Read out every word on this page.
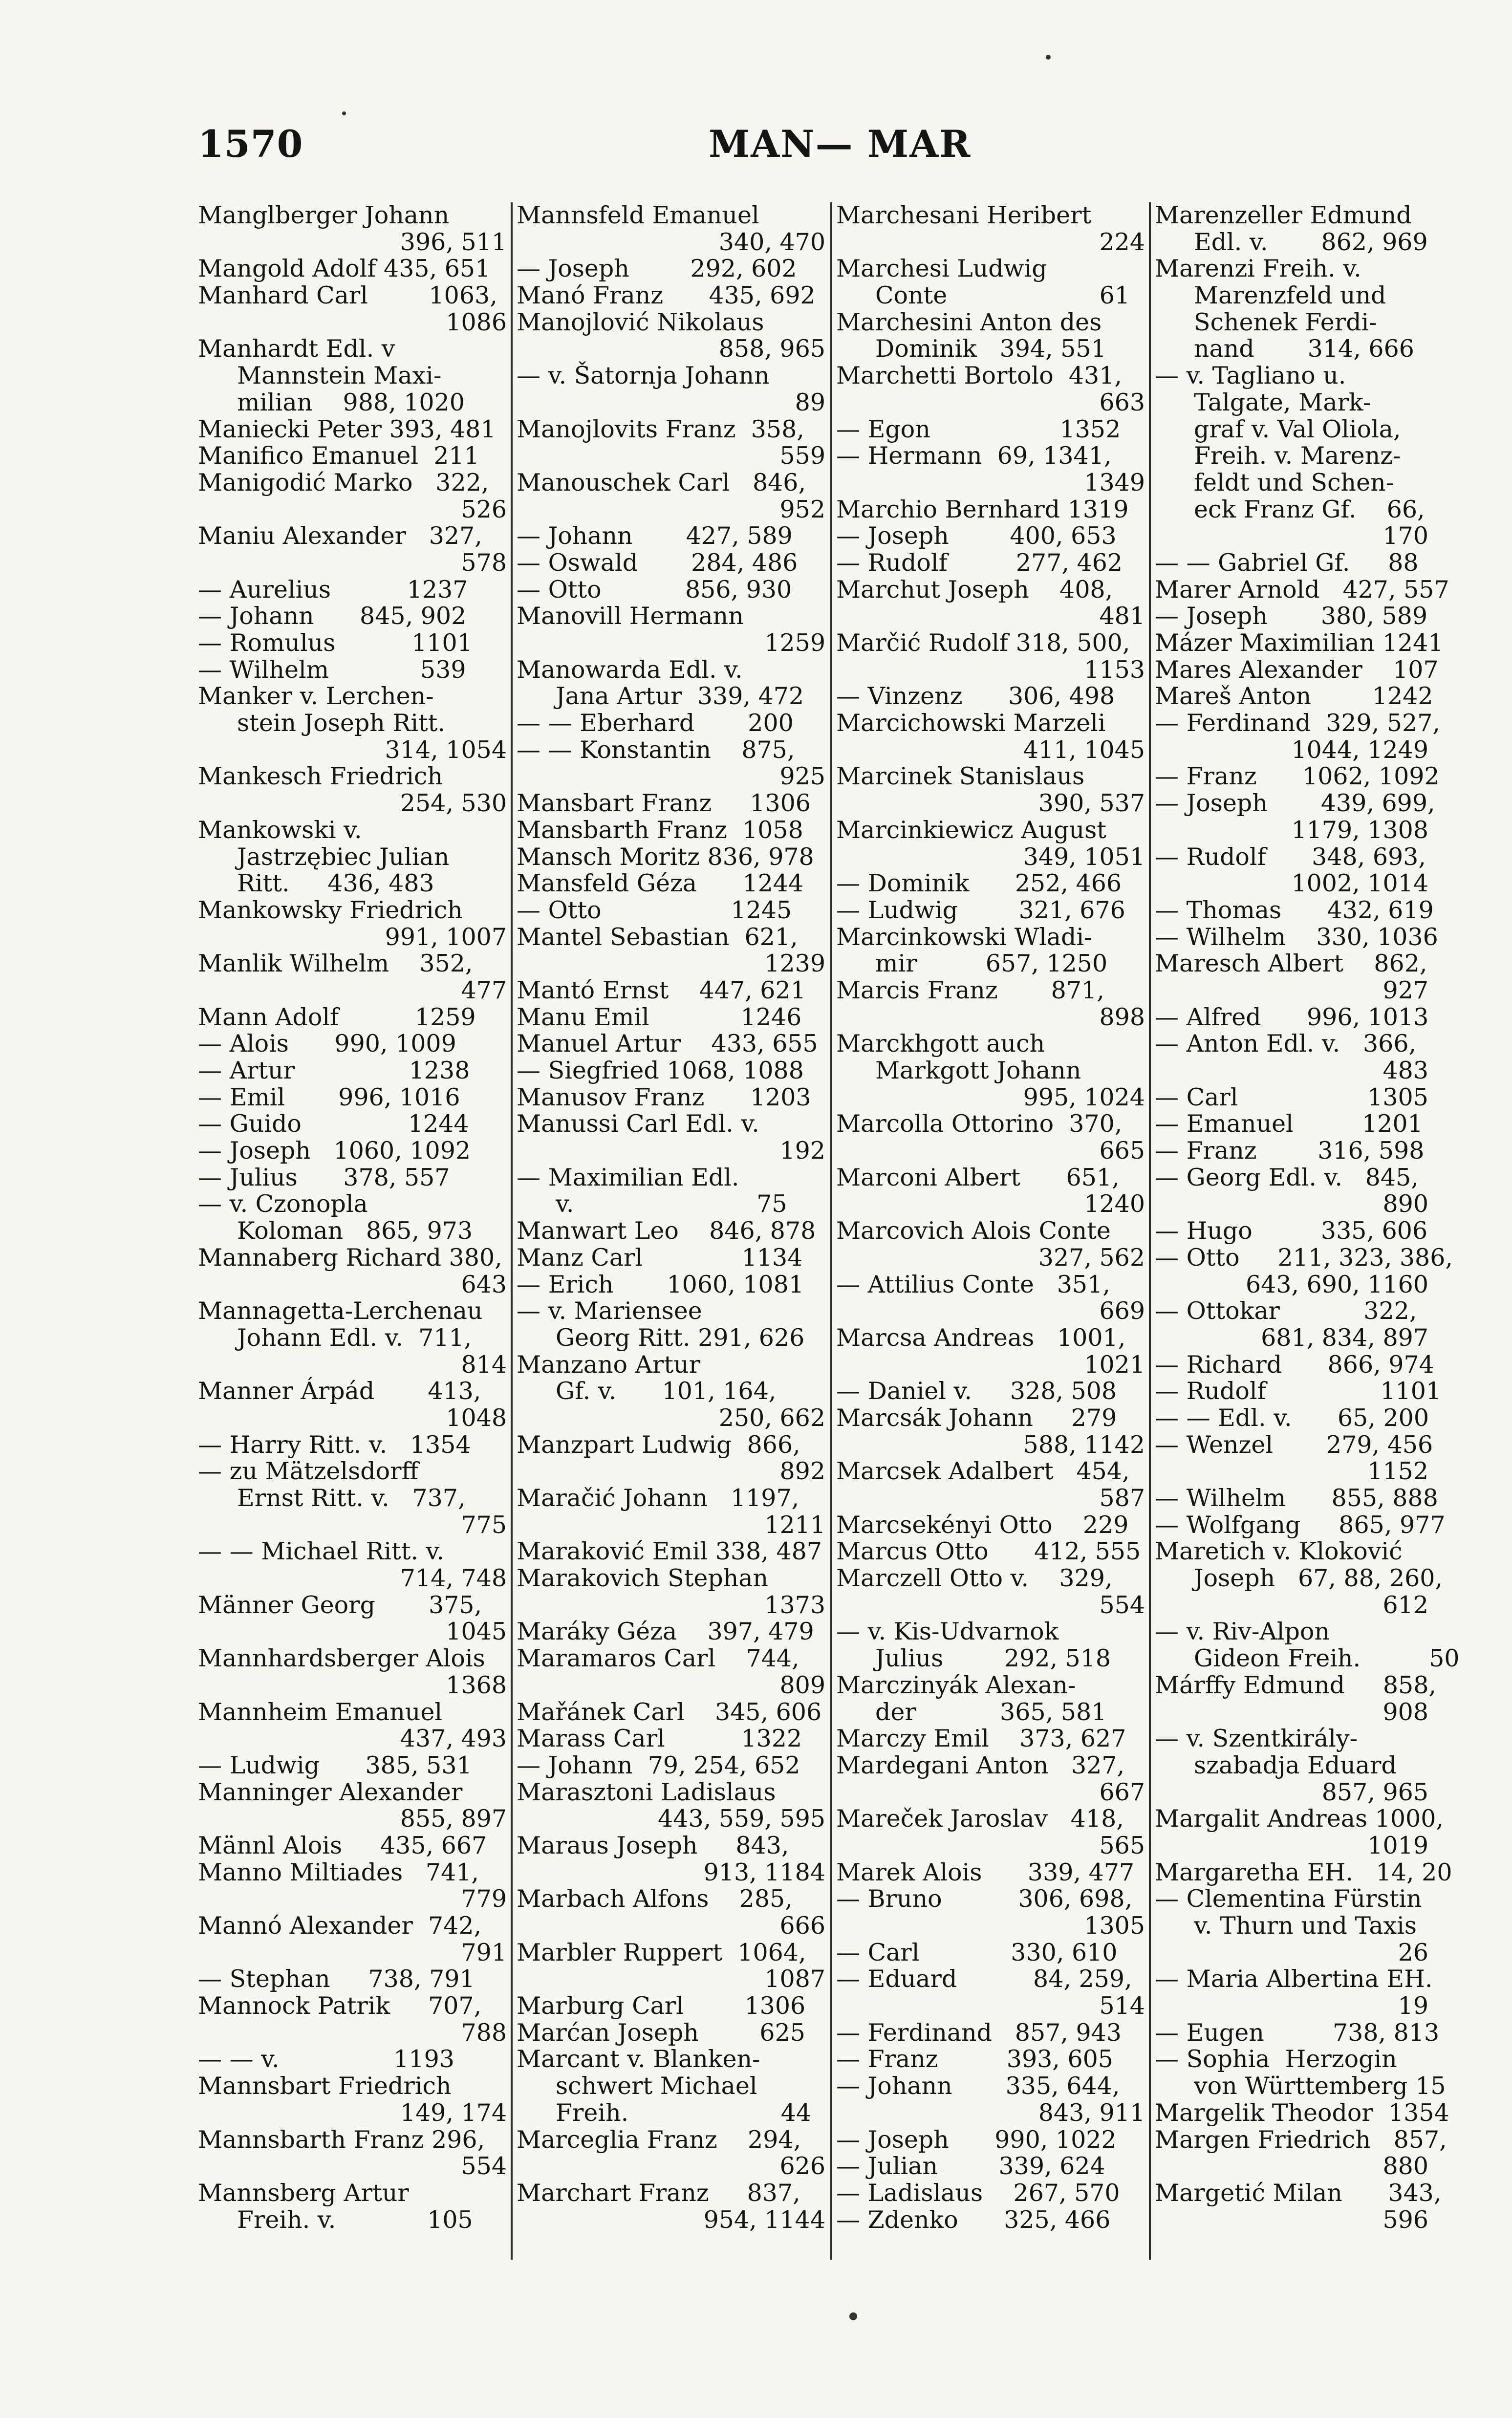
1570	MAN— MAR
Manglberger Johann
396, 511
Mangold Adolf 435, 651
Manhard Carl        1063,
1086
Manhardt Edl. v
Mannstein Maxi-
milian    988, 1020
Maniecki Peter 393, 481
Manifico Emanuel  211
Manigodić Marko   322,
526
Maniu Alexander   327,
578
— Aurelius          1237
— Johann      845, 902
— Romulus          1101
— Wilhelm            539
Manker v. Lerchen-
stein Joseph Ritt.
314, 1054
Mankesch Friedrich
254, 530
Mankowski v.
Jastrzębiec Julian
Ritt.     436, 483
Mankowsky Friedrich
991, 1007
Manlik Wilhelm    352,
477
Mann Adolf          1259
— Alois      990, 1009
— Artur               1238
— Emil       996, 1016
— Guido              1244
— Joseph   1060, 1092
— Julius      378, 557
— v. Czonopla
Koloman   865, 973
Mannaberg Richard 380,
643
Mannagetta-Lerchenau
Johann Edl. v.  711,
814
Manner Árpád       413,
1048
— Harry Ritt. v.   1354
— zu Mätzelsdorff
Ernst Ritt. v.   737,
775
— — Michael Ritt. v.
714, 748
Männer Georg       375,
1045
Mannhardsberger Alois
1368
Mannheim Emanuel
437, 493
— Ludwig      385, 531
Manninger Alexander
855, 897
Männl Alois     435, 667
Manno Miltiades   741,
779
Mannó Alexander  742,
791
— Stephan     738, 791
Mannock Patrik     707,
788
— — v.               1193
Mannsbart Friedrich
149, 174
Mannsbarth Franz 296,
554
Mannsberg Artur
Freih. v.            105
Mannsfeld Emanuel
340, 470
— Joseph        292, 602
Manó Franz      435, 692
Manojlović Nikolaus
858, 965
— v. Šatornja Johann
89
Manojlovits Franz  358,
559
Manouschek Carl   846,
952
— Johann       427, 589
— Oswald       284, 486
— Otto           856, 930
Manovill Hermann
1259
Manowarda Edl. v.
Jana Artur  339, 472
— — Eberhard       200
— — Konstantin    875,
925
Mansbart Franz     1306
Mansbarth Franz  1058
Mansch Moritz 836, 978
Mansfeld Géza      1244
— Otto                 1245
Mantel Sebastian  621,
1239
Mantó Ernst    447, 621
Manu Emil            1246
Manuel Artur    433, 655
— Siegfried 1068, 1088
Manusov Franz      1203
Manussi Carl Edl. v.
192
— Maximilian Edl.
v.                        75
Manwart Leo    846, 878
Manz Carl             1134
— Erich       1060, 1081
— v. Mariensee
Georg Ritt. 291, 626
Manzano Artur
Gf. v.      101, 164,
250, 662
Manzpart Ludwig  866,
892
Maračić Johann   1197,
1211
Maraković Emil 338, 487
Marakovich Stephan
1373
Maráky Géza    397, 479
Maramaros Carl    744,
809
Mařánek Carl    345, 606
Marass Carl          1322
— Johann  79, 254, 652
Marasztoni Ladislaus
443, 559, 595
Maraus Joseph     843,
913, 1184
Marbach Alfons    285,
666
Marbler Ruppert  1064,
1087
Marburg Carl        1306
Marćan Joseph        625
Marcant v. Blanken-
schwert Michael
Freih.                    44
Marceglia Franz    294,
626
Marchart Franz     837,
954, 1144
Marchesani Heribert
224
Marchesi Ludwig
Conte                    61
Marchesini Anton des
Dominik   394, 551
Marchetti Bortolo  431,
663
— Egon                 1352
— Hermann  69, 1341,
1349
Marchio Bernhard 1319
— Joseph        400, 653
— Rudolf         277, 462
Marchut Joseph    408,
481
Marčić Rudolf 318, 500,
1153
— Vinzenz      306, 498
Marcichowski Marzeli
411, 1045
Marcinek Stanislaus
390, 537
Marcinkiewicz August
349, 1051
— Dominik      252, 466
— Ludwig        321, 676
Marcinkowski Wladi-
mir         657, 1250
Marcis Franz       871,
898
Marckhgott auch
Markgott Johann
995, 1024
Marcolla Ottorino  370,
665
Marconi Albert      651,
1240
Marcovich Alois Conte
327, 562
— Attilius Conte   351,
669
Marcsa Andreas   1001,
1021
— Daniel v.     328, 508
Marcsák Johann     279
588, 1142
Marcsek Adalbert   454,
587
Marcsekényi Otto    229
Marcus Otto      412, 555
Marczell Otto v.    329,
554
— v. Kis-Udvarnok
Julius        292, 518
Marczinyák Alexan-
der           365, 581
Marczy Emil    373, 627
Mardegani Anton   327,
667
Mareček Jaroslav   418,
565
Marek Alois      339, 477
— Bruno          306, 698,
1305
— Carl            330, 610
— Eduard          84, 259,
514
— Ferdinand   857, 943
— Franz         393, 605
— Johann       335, 644,
843, 911
— Joseph      990, 1022
— Julian        339, 624
— Ladislaus    267, 570
— Zdenko      325, 466
Marenzeller Edmund
Edl. v.       862, 969
Marenzi Freih. v.
Marenzfeld und
Schenek Ferdi-
nand       314, 666
— v. Tagliano u.
Talgate, Mark-
graf v. Val Oliola,
Freih. v. Marenz-
feldt und Schen-
eck Franz Gf.    66,
170
— — Gabriel Gf.     88
Marer Arnold   427, 557
— Joseph       380, 589
Mázer Maximilian 1241
Mares Alexander    107
Mareš Anton        1242
— Ferdinand  329, 527,
1044, 1249
— Franz      1062, 1092
— Joseph       439, 699,
1179, 1308
— Rudolf      348, 693,
1002, 1014
— Thomas      432, 619
— Wilhelm    330, 1036
Maresch Albert    862,
927
— Alfred      996, 1013
— Anton Edl. v.   366,
483
— Carl                 1305
— Emanuel         1201
— Franz        316, 598
— Georg Edl. v.   845,
890
— Hugo         335, 606
— Otto     211, 323, 386,
643, 690, 1160
— Ottokar           322,
681, 834, 897
— Richard      866, 974
— Rudolf               1101
— — Edl. v.      65, 200
— Wenzel       279, 456
1152
— Wilhelm      855, 888
— Wolfgang     865, 977
Maretich v. Kloković
Joseph   67, 88, 260,
612
— v. Riv-Alpon
Gideon Freih.         50
Márffy Edmund     858,
908
— v. Szentkirály-
szabadja Eduard
857, 965
Margalit Andreas 1000,
1019
Margaretha EH.   14, 20
— Clementina Fürstin
v. Thurn und Taxis
26
— Maria Albertina EH.
19
— Eugen         738, 813
— Sophia  Herzogin
von Württemberg 15
Margelik Theodor  1354
Margen Friedrich   857,
880
Margetić Milan      343,
596
